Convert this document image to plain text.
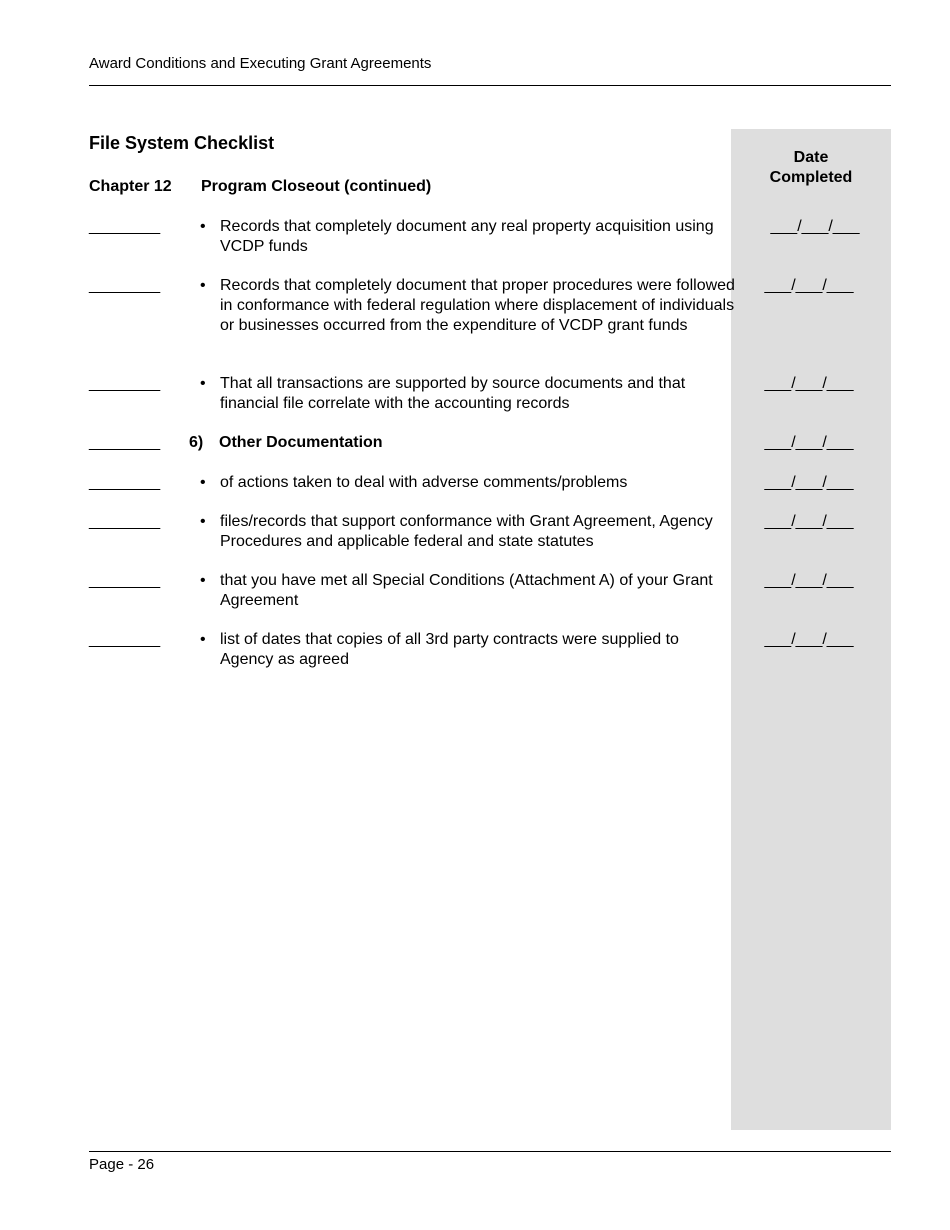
Award Conditions and Executing Grant Agreements
Date
Completed
File System Checklist
Chapter 12 Program Closeout (continued)
________ • Records that completely document any real property acquisition using VCDP funds
___/___/___
________ • Records that completely document that proper procedures were followed in conformance with federal regulation where displacement of individuals or businesses occurred from the expenditure of VCDP grant funds
___/___/___
________ • That all transactions are supported by source documents and that financial file correlate with the accounting records
___/___/___
________ 6) Other Documentation	___/___/___
________ • of actions taken to deal with adverse comments/problems	___/___/___
________ • files/records that support conformance with Grant Agreement, Agency Procedures and applicable federal and state statutes
___/___/___
________ • that you have met all Special Conditions (Attachment A) of your Grant Agreement
___/___/___
________ • list of dates that copies of all 3rd party contracts were supplied to Agency as agreed
___/___/___
Page - 26
